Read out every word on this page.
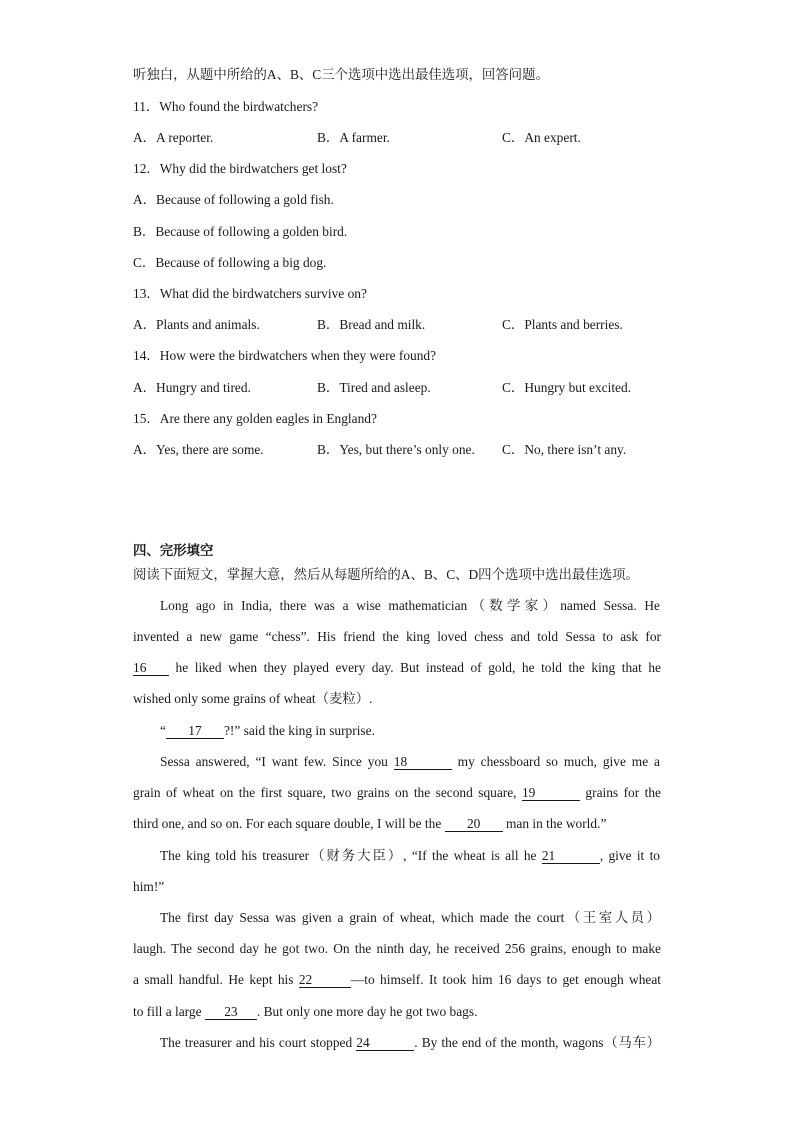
听独白，从题中所给的A、B、C三个选项中选出最佳选项，回答问题。
11．Who found the birdwatchers?
A．A reporter.	B．A farmer.	C．An expert.
12．Why did the birdwatchers get lost?
A．Because of following a gold fish.
B．Because of following a golden bird.
C．Because of following a big dog.
13．What did the birdwatchers survive on?
A．Plants and animals.	B．Bread and milk.	C．Plants and berries.
14．How were the birdwatchers when they were found?
A．Hungry and tired.	B．Tired and asleep.	C．Hungry but excited.
15．Are there any golden eagles in England?
A．Yes, there are some.	B．Yes, but there’s only one. C．No, there isn’t any.
四、完形填空
阅读下面短文，掌握大意，然后从每题所给的A、B、C、D四个选项中选出最佳选项。
Long ago in India, there was a wise mathematician（数学家）named Sessa. He
invented a new game “chess”. His friend the king loved chess and told Sessa to ask for
16 he liked when they played every day. But instead of gold, he told the king that he
wished only some grains of wheat（麦粒）.
“ 17 ?!” said the king in surprise.
Sessa answered, “I want few. Since you 18	my chessboard so much, give me a
grain of wheat on the first square, two grains on the second square, 19	grains for the
third one, and so on. For each square double, I will be the 20 man in the world.”
The king told his treasurer（财务大臣）, “If the wheat is all he 21	, give it to
him!”
The first day Sessa was given a grain of wheat, which made the court（王室人员）
laugh. The second day he got two. On the ninth day, he received 256 grains, enough to make
a small handful. He kept his 22	—to himself. It took him 16 days to get enough wheat
to fill a large 23 . But only one more day he got two bags.
The treasurer and his court stopped 24	. By the end of the month, wagons（马车）
